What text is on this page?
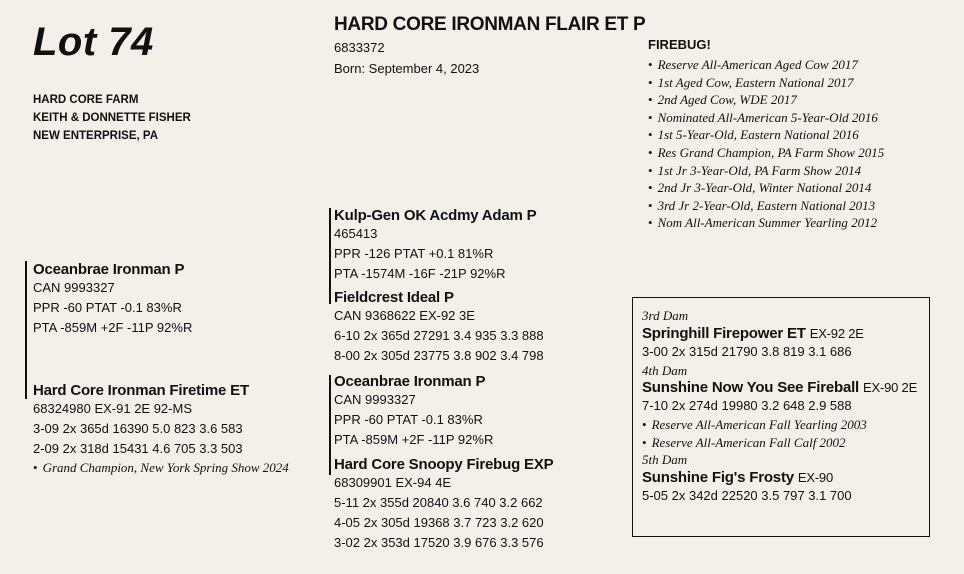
Lot 74
HARD CORE FARM
KEITH & DONNETTE FISHER
NEW ENTERPRISE, PA
HARD CORE IRONMAN FLAIR ET P
6833372
Born: September 4, 2023
FIREBUG!
• Reserve All-American Aged Cow 2017
• 1st Aged Cow, Eastern National 2017
• 2nd Aged Cow, WDE 2017
• Nominated All-American 5-Year-Old 2016
• 1st 5-Year-Old, Eastern National 2016
• Res Grand Champion, PA Farm Show 2015
• 1st Jr 3-Year-Old, PA Farm Show 2014
• 2nd Jr 3-Year-Old, Winter National 2014
• 3rd Jr 2-Year-Old, Eastern National 2013
• Nom All-American Summer Yearling 2012
Oceanbrae Ironman P
CAN 9993327
PPR -60 PTAT -0.1 83%R
PTA -859M +2F -11P 92%R
Hard Core Ironman Firetime ET
68324980 EX-91 2E 92-MS
3-09 2x 365d 16390 5.0 823 3.6 583
2-09 2x 318d 15431 4.6 705 3.3 503
• Grand Champion, New York Spring Show 2024
Kulp-Gen OK Acdmy Adam P
465413
PPR -126 PTAT +0.1 81%R
PTA -1574M -16F -21P 92%R
Fieldcrest Ideal P
CAN 9368622 EX-92 3E
6-10 2x 365d 27291 3.4 935 3.3 888
8-00 2x 305d 23775 3.8 902 3.4 798
Oceanbrae Ironman P
CAN 9993327
PPR -60 PTAT -0.1 83%R
PTA -859M +2F -11P 92%R
Hard Core Snoopy Firebug EXP
68309901 EX-94 4E
5-11 2x 355d 20840 3.6 740 3.2 662
4-05 2x 305d 19368 3.7 723 3.2 620
3-02 2x 353d 17520 3.9 676 3.3 576
3rd Dam
Springhill Firepower ET EX-92 2E
3-00 2x 315d 21790 3.8 819 3.1 686
4th Dam
Sunshine Now You See Fireball EX-90 2E
7-10 2x 274d 19980 3.2 648 2.9 588
• Reserve All-American Fall Yearling 2003
• Reserve All-American Fall Calf 2002
5th Dam
Sunshine Fig's Frosty EX-90
5-05 2x 342d 22520 3.5 797 3.1 700
